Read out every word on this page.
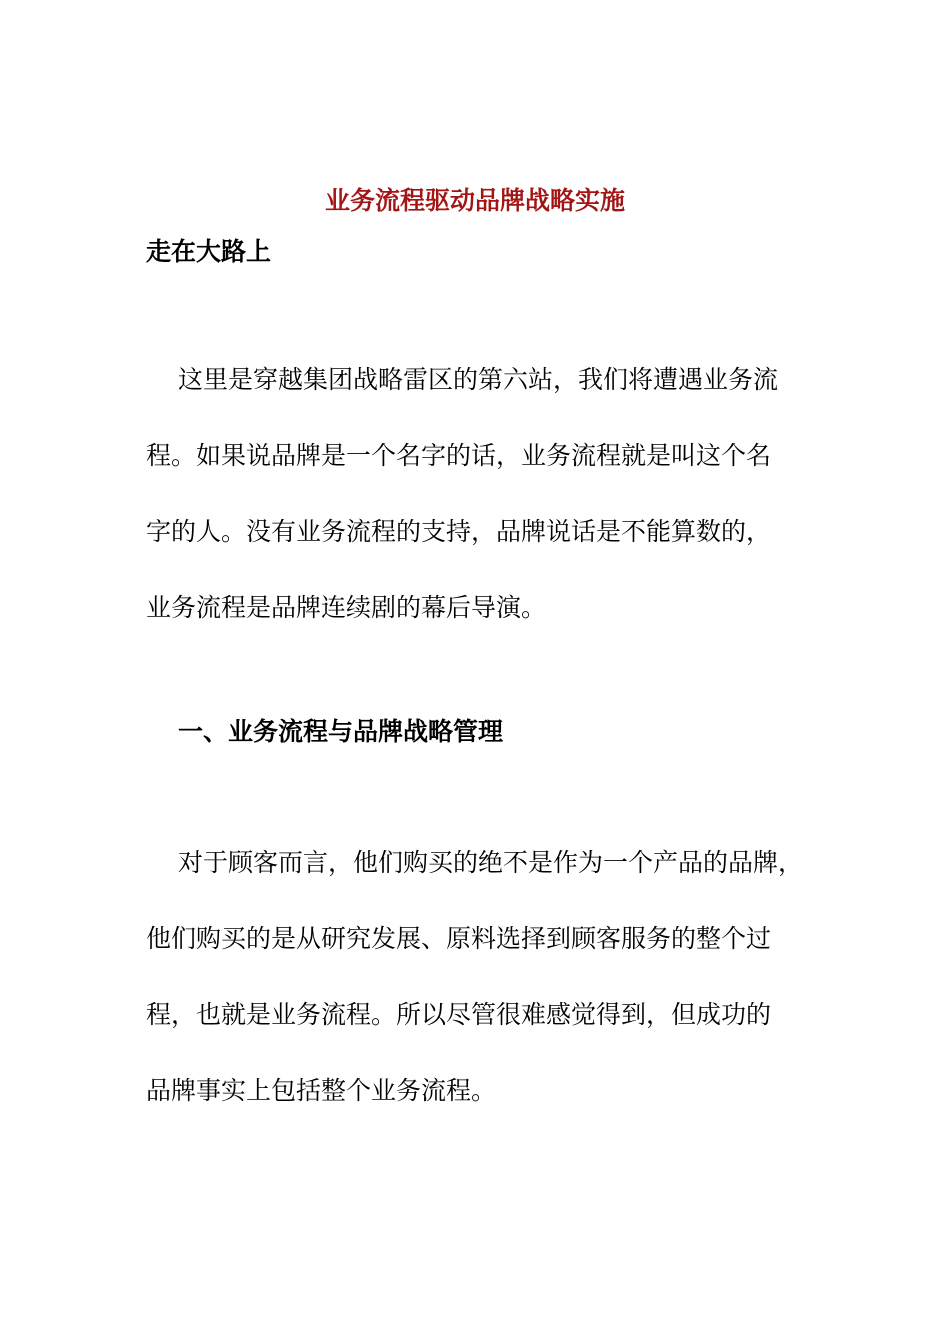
业务流程驱动品牌战略实施
走在大路上
这里是穿越集团战略雷区的第六站，我们将遭遇业务流
程。如果说品牌是一个名字的话，业务流程就是叫这个名
字的人。没有业务流程的支持，品牌说话是不能算数的，
业务流程是品牌连续剧的幕后导演。
一、业务流程与品牌战略管理
对于顾客而言，他们购买的绝不是作为一个产品的品牌，
他们购买的是从研究发展、原料选择到顾客服务的整个过
程，也就是业务流程。所以尽管很难感觉得到，但成功的
品牌事实上包括整个业务流程。
